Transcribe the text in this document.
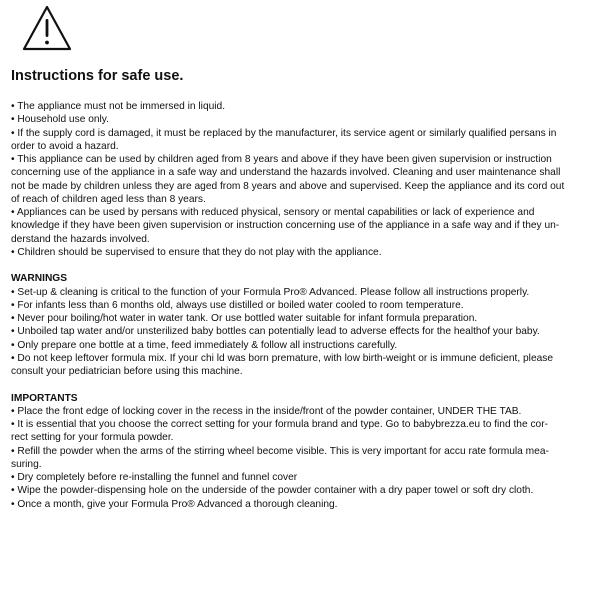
Instructions for safe use.
• The appliance must not be immersed in liquid.
• Household use only.
• If the supply cord is damaged, it must be replaced by the manufacturer, its service agent or similarly qualified persans in
order to avoid a hazard.
• This appliance can be used by children aged from 8 years and above if they have been given supervision or instruction
concerning use of the appliance in a safe way and understand the hazards involved. Cleaning and user maintenance shall
not be made by children unless they are aged from 8 years and above and supervised. Keep the appliance and its cord out
of reach of children aged less than 8 years.
• Appliances can be used by persans with reduced physical, sensory or mental capabilities or lack of experience and
knowledge if they have been given supervision or instruction concerning use of the appliance in a safe way and if they un-
derstand the hazards involved.
• Children should be supervised to ensure that they do not play with the appliance.
WARNINGS
• Set-up & cleaning is critical to the function of your Formula Pro® Advanced. Please follow all instructions properly.
• For infants less than 6 months old, always use distilled or boiled water cooled to room temperature.
• Never pour boiling/hot water in water tank. Or use bottled water suitable for infant formula preparation.
• Unboiled tap water and/or unsterilized baby bottles can potentially lead to adverse effects for the healthof your baby.
• Only prepare one bottle at a time, feed immediately & follow all instructions carefully.
• Do not keep leftover formula mix. If your chi ld was born premature, with low birth-weight or is immune deficient, please
consult your pediatrician before using this machine.
IMPORTANTS
• Place the front edge of locking cover in the recess in the inside/front of the powder container, UNDER THE TAB.
• It is essential that you choose the correct setting for your formula brand and type. Go to babybrezza.eu to find the cor-
rect setting for your formula powder.
• Refill the powder when the arms of the stirring wheel become visible. This is very important for accu rate formula mea-
suring.
• Dry completely before re-installing the funnel and funnel cover
• Wipe the powder-dispensing hole on the underside of the powder container with a dry paper towel or soft dry cloth.
• Once a month, give your Formula Pro® Advanced a thorough cleaning.
